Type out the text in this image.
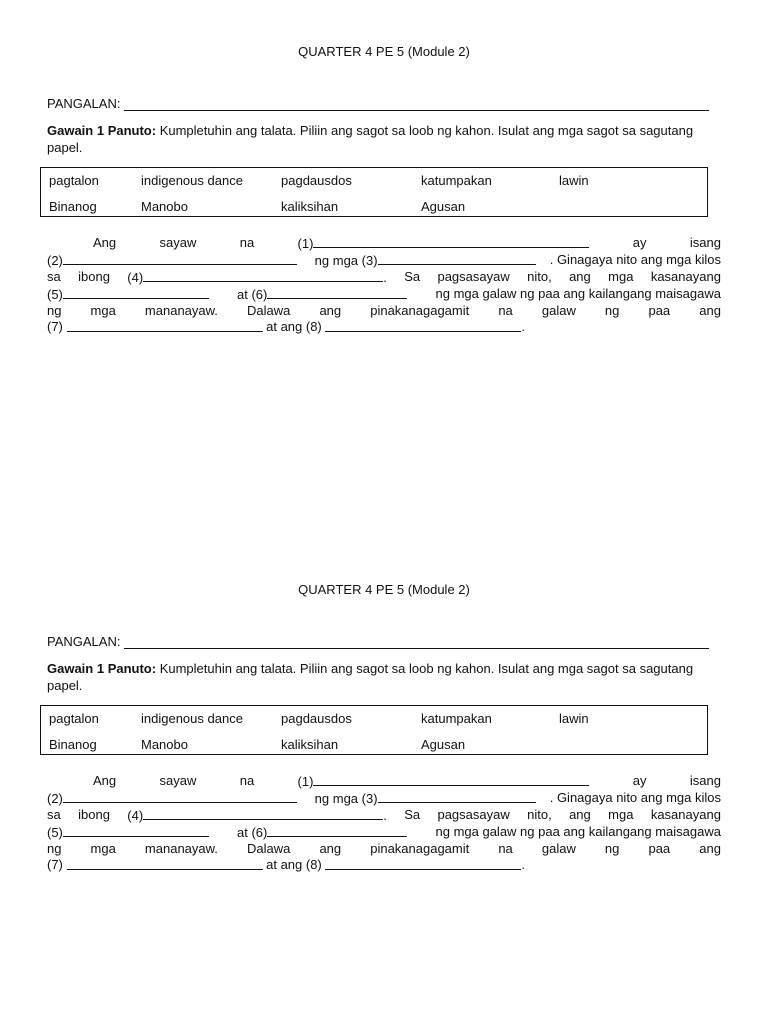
QUARTER 4 PE 5 (Module 2)
PANGALAN:
Gawain 1 Panuto: Kumpletuhin ang talata. Piliin ang sagot sa loob ng kahon. Isulat ang mga sagot sa sagutang papel.
pagtalon	indigenous dance	pagdausdos	katumpakan	lawin
Binanog	Manobo	kaliksihan	Agusan
Ang	sayaw	na	(1)	ay	isang
(2)	ng mga (3)	. Ginagaya nito ang mga kilos
sa ibong (4)	. Sa pagsasayaw nito, ang mga kasanayang
(5)	at (6)	ng mga galaw ng paa ang kailangang maisagawa
ng mga mananayaw. Dalawa ang pinakanagagamit na galaw ng paa ang
(7)	at ang (8)	.
QUARTER 4 PE 5 (Module 2)
PANGALAN:
Gawain 1 Panuto: Kumpletuhin ang talata. Piliin ang sagot sa loob ng kahon. Isulat ang mga sagot sa sagutang papel.
pagtalon	indigenous dance	pagdausdos	katumpakan	lawin
Binanog	Manobo	kaliksihan	Agusan
Ang	sayaw	na	(1)	ay	isang
(2)	ng mga (3)	. Ginagaya nito ang mga kilos
sa ibong (4)	. Sa pagsasayaw nito, ang mga kasanayang
(5)	at (6)	ng mga galaw ng paa ang kailangang maisagawa
ng mga mananayaw. Dalawa ang pinakanagagamit na galaw ng paa ang
(7)	at ang (8)	.
